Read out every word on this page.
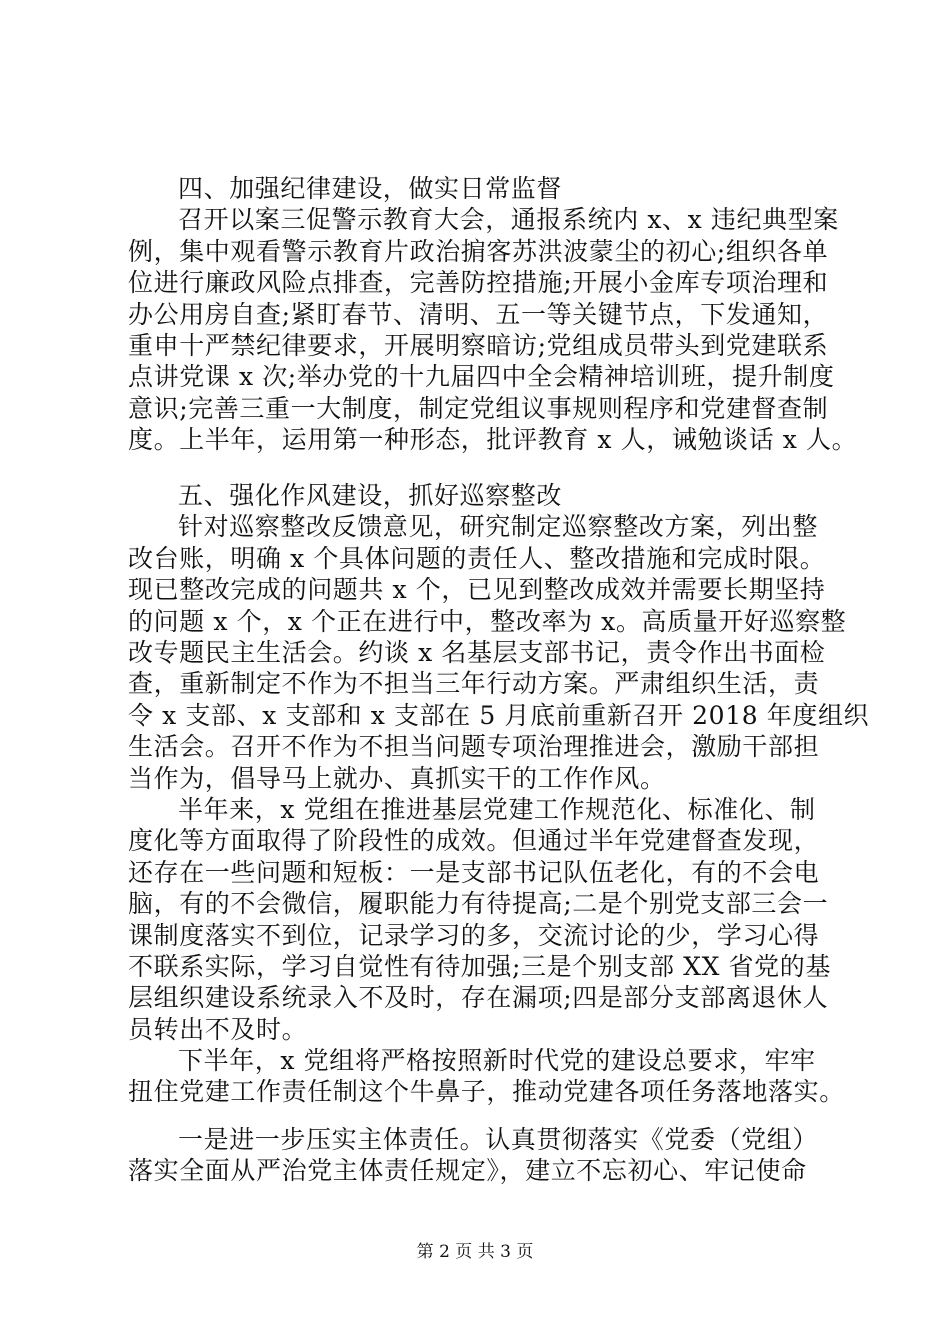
四、加强纪律建设，做实日常监督
召开以案三促警示教育大会，通报系统内 x、x 违纪典型案
例，集中观看警示教育片政治掮客苏洪波蒙尘的初心;组织各单
位进行廉政风险点排查，完善防控措施;开展小金库专项治理和
办公用房自查;紧盯春节、清明、五一等关键节点，下发通知，
重申十严禁纪律要求，开展明察暗访;党组成员带头到党建联系
点讲党课 x 次;举办党的十九届四中全会精神培训班，提升制度
意识;完善三重一大制度，制定党组议事规则程序和党建督查制
度。上半年，运用第一种形态，批评教育 x 人，诫勉谈话 x 人。
五、强化作风建设，抓好巡察整改
针对巡察整改反馈意见，研究制定巡察整改方案，列出整
改台账，明确 x 个具体问题的责任人、整改措施和完成时限。
现已整改完成的问题共 x 个，已见到整改成效并需要长期坚持
的问题 x 个，x 个正在进行中，整改率为 x。高质量开好巡察整
改专题民主生活会。约谈 x 名基层支部书记，责令作出书面检
查，重新制定不作为不担当三年行动方案。严肃组织生活，责
令 x 支部、x 支部和 x 支部在 5 月底前重新召开 2018 年度组织
生活会。召开不作为不担当问题专项治理推进会，激励干部担
当作为，倡导马上就办、真抓实干的工作作风。
半年来，x 党组在推进基层党建工作规范化、标准化、制
度化等方面取得了阶段性的成效。但通过半年党建督查发现，
还存在一些问题和短板：一是支部书记队伍老化，有的不会电
脑，有的不会微信，履职能力有待提高;二是个别党支部三会一
课制度落实不到位，记录学习的多，交流讨论的少，学习心得
不联系实际，学习自觉性有待加强;三是个别支部 XX 省党的基
层组织建设系统录入不及时，存在漏项;四是部分支部离退休人
员转出不及时。
下半年，x 党组将严格按照新时代党的建设总要求，牢牢
扭住党建工作责任制这个牛鼻子，推动党建各项任务落地落实。
一是进一步压实主体责任。认真贯彻落实《党委（党组）
落实全面从严治党主体责任规定》，建立不忘初心、牢记使命
第 2 页 共 3 页
